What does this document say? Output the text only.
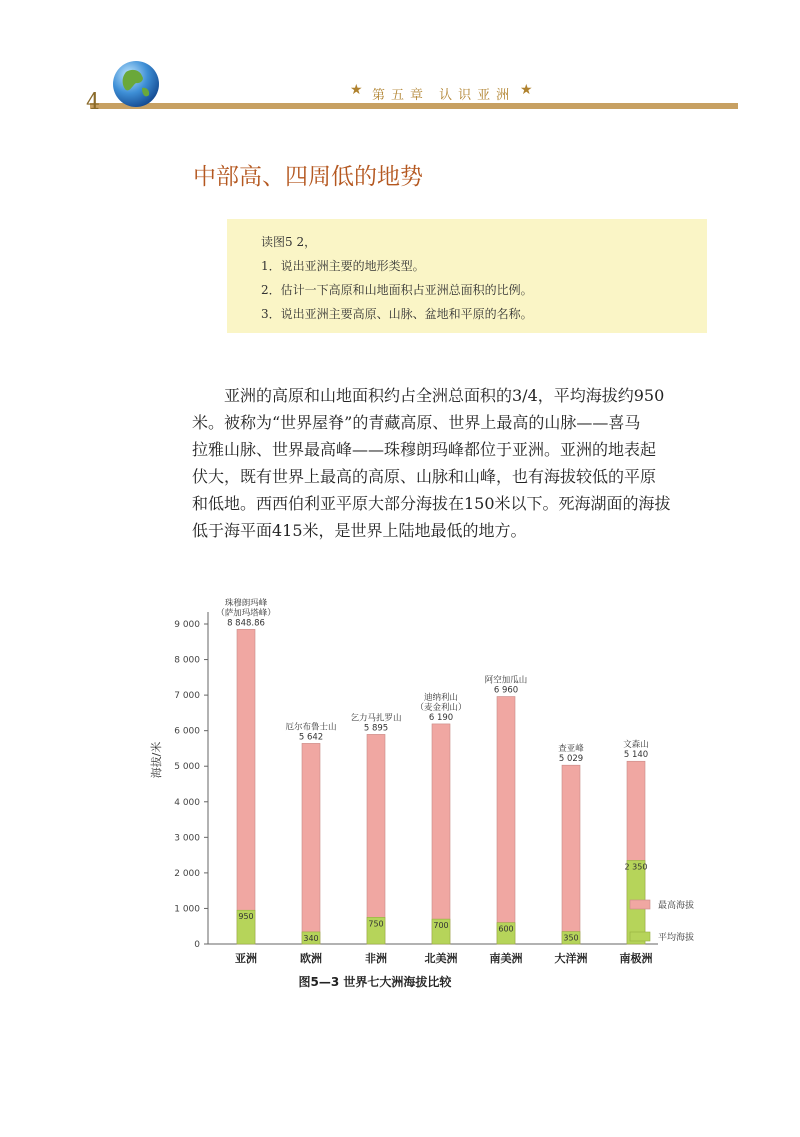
4	★ 第五章 认识亚洲 ★
中部高、四周低的地势
读图5 2，
1．说出亚洲主要的地形类型。
2．估计一下高原和山地面积占亚洲总面积的比例。
3．说出亚洲主要高原、山脉、盆地和平原的名称。
亚洲的高原和山地面积约占全洲总面积的3/4，平均海拔约950
米。被称为“世界屋脊”的青藏高原、世界上最高的山脉——喜马
拉雅山脉、世界最高峰——珠穆朗玛峰都位于亚洲。亚洲的地表起
伏大，既有世界上最高的高原、山脉和山峰，也有海拔较低的平原
和低地。西西伯利亚平原大部分海拔在150米以下。死海湖面的海拔
低于海平面415米，是世界上陆地最低的地方。
0
1 000
2 000
3 000
4 000
5 000
6 000
7 000
8 000
9 000
海拔/米
950
8 848.86
珠穆朗玛峰
（萨加玛塔峰）
亚洲
340
5 642
厄尔布鲁士山
欧洲
750
5 895
乞力马扎罗山
非洲
700
6 190
迪纳利山
（麦金利山）
北美洲
600
6 960
阿空加瓜山
南美洲
350
5 029
查亚峰
大洋洲
2 350
5 140
文森山
南极洲
最高海拔
平均海拔
图5—3 世界七大洲海拔比较
